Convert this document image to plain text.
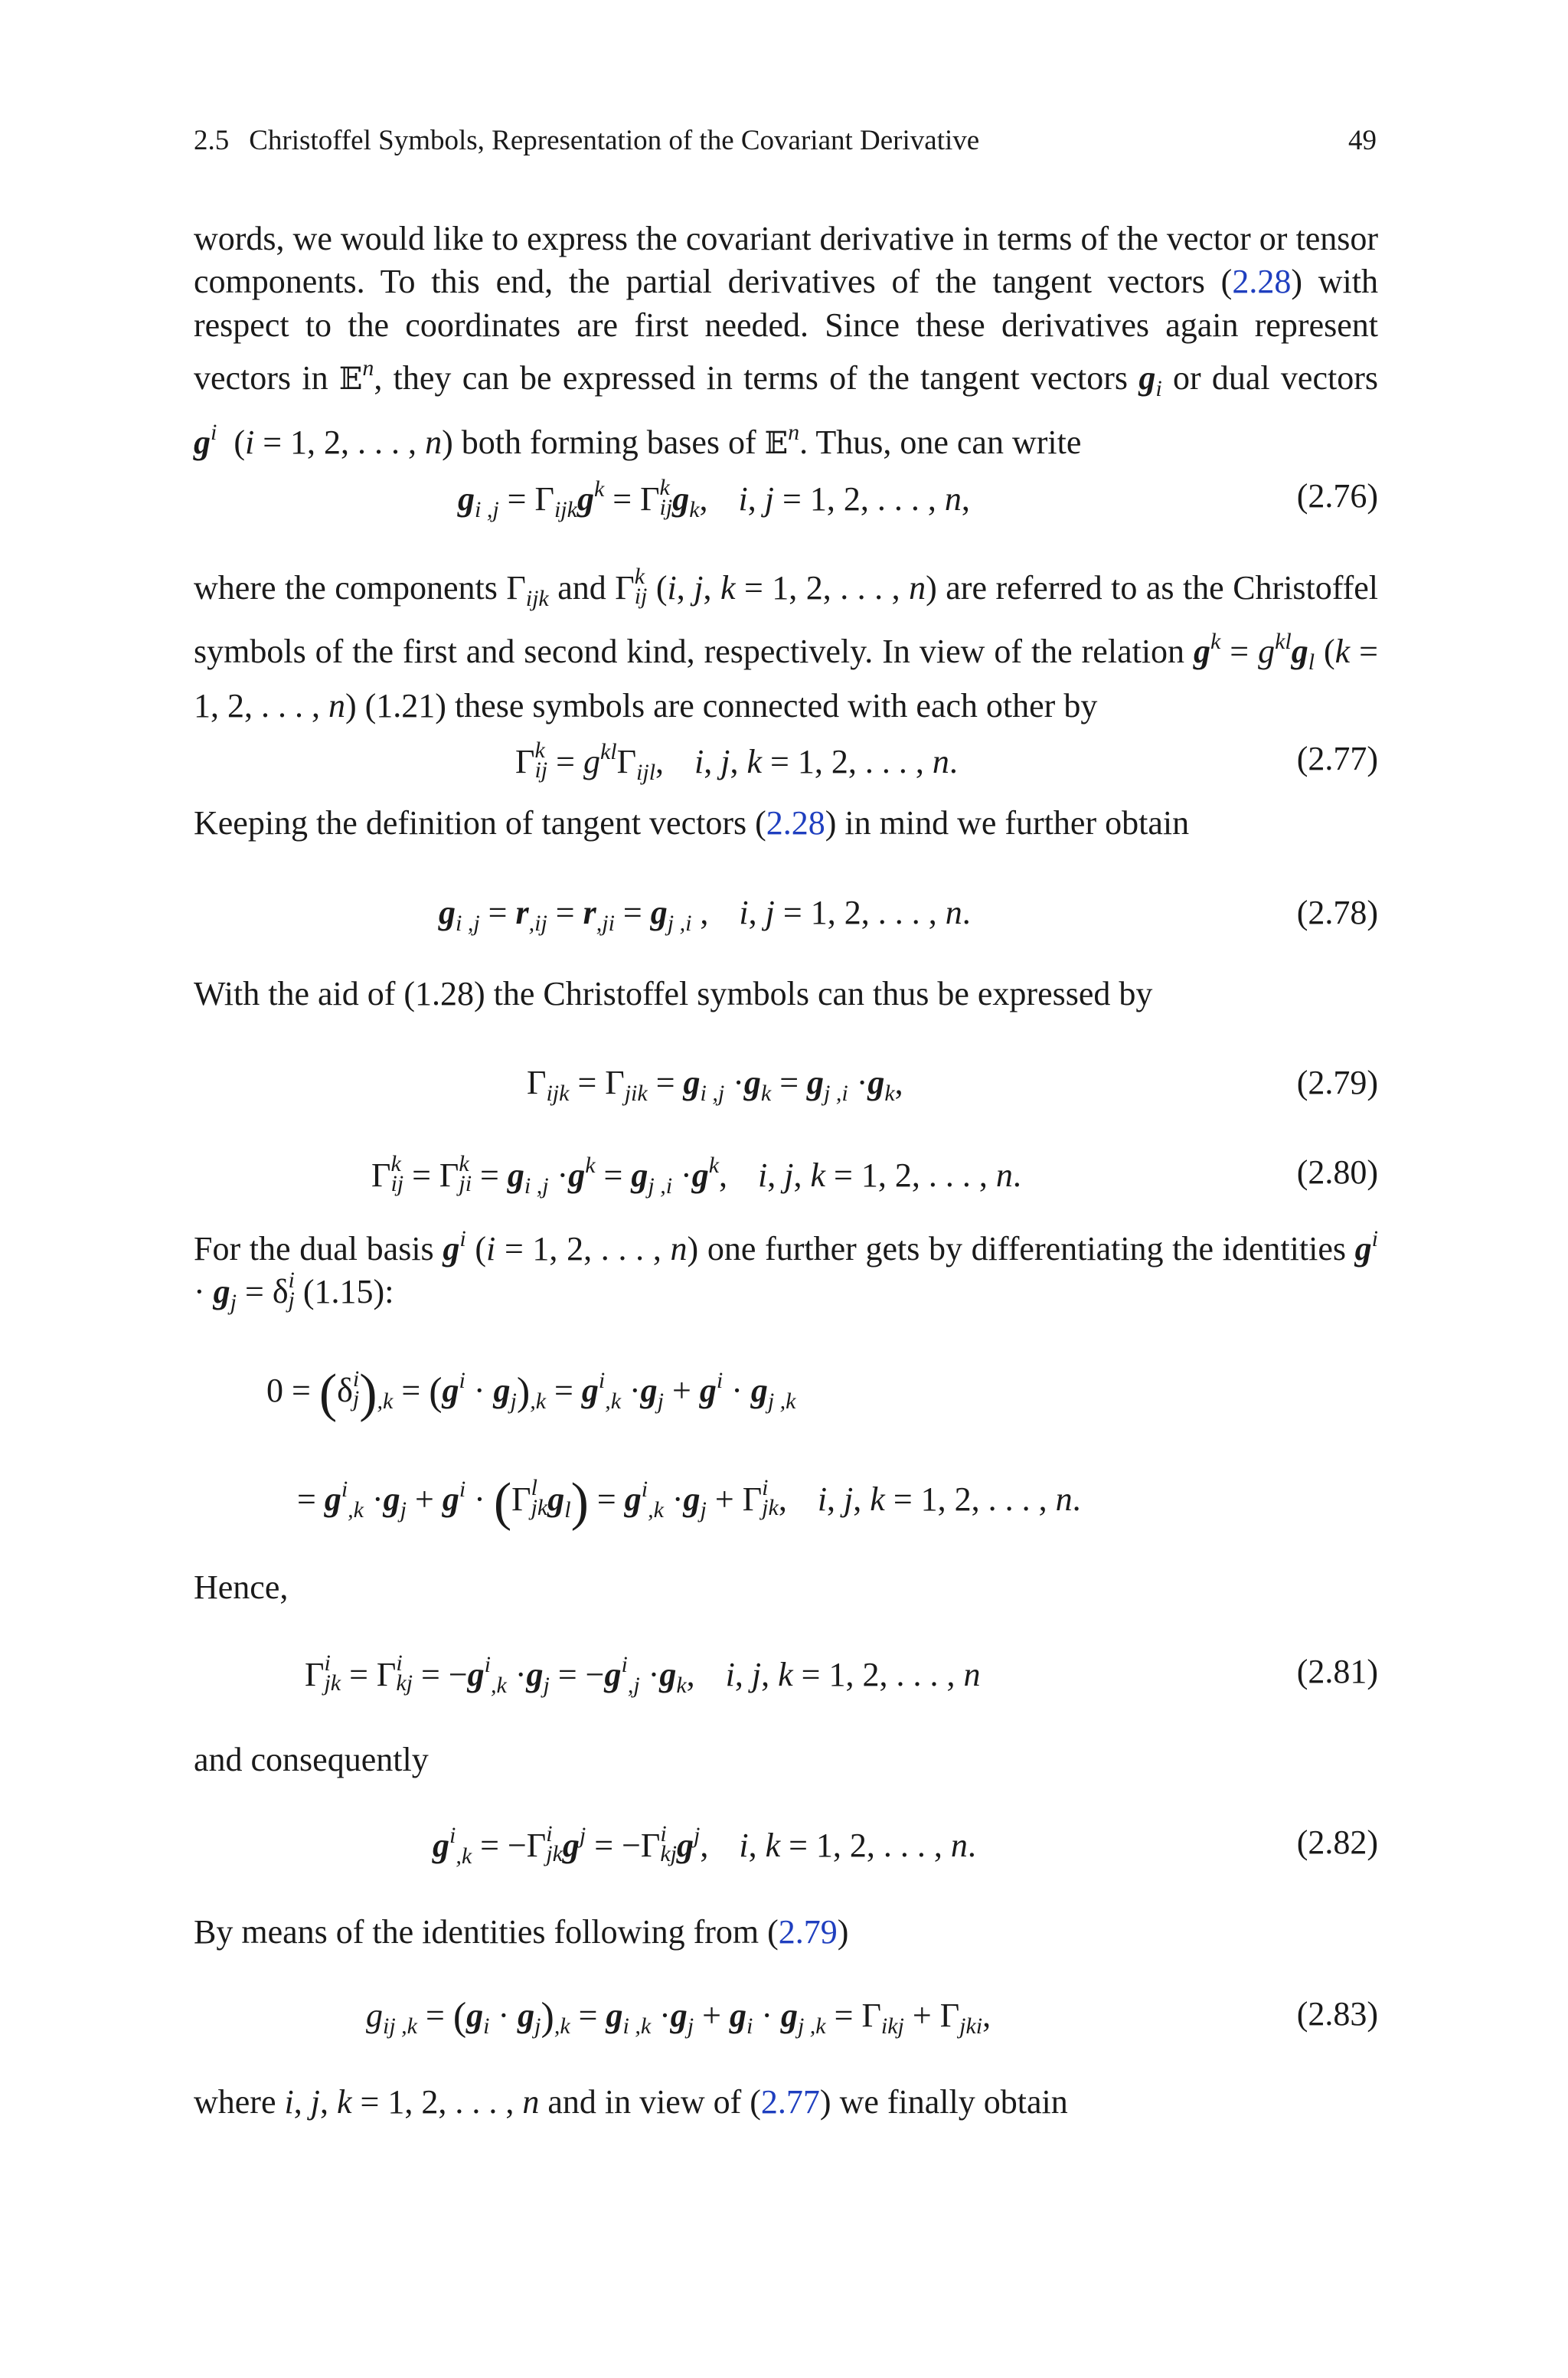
2.5 Christoffel Symbols, Representation of the Covariant Derivative	49

words, we would like to express the covariant derivative in terms of the vector or tensor components. To this end, the partial derivatives of the tangent vectors (2.28) with respect to the coordinates are first needed. Since these derivatives again represent vectors in 𝔼$^n$, they can be expressed in terms of the tangent vectors $g_i$ or dual vectors $g^i$  (i = 1, 2, . . . , n) both forming bases of 𝔼$^n$. Thus, one can write

$g_{i ,j} = \Gamma_{ijk}g^k = \Gamma$ k
ij $g_k$, i, j = 1, 2, . . . , n,	(2.76)

where the components $\Gamma_{ijk}$ and Γ k
ij (i, j, k = 1, 2, . . . , n) are referred to as the Christoffel symbols of the first and second kind, respectively. In view of the relation $g^k = g^{kl}g_l$ (k = 1, 2, . . . , n) (1.21) these symbols are connected with each other by

Γ k
ij = $g^{kl}\Gamma_{ijl}$, i, j, k = 1, 2, . . . , n.	(2.77)

Keeping the definition of tangent vectors (2.28) in mind we further obtain

$g_{i ,j} = r_{,ij} = r_{,ji} = g_{j ,i}$ , i, j = 1, 2, . . . , n.	(2.78)

With the aid of (1.28) the Christoffel symbols can thus be expressed by

$\Gamma_{ijk} = \Gamma_{jik} = g_{i ,j} \cdot g_k = g_{j ,i} \cdot g_k$,	(2.79)
Γ k
ij = Γ k
ji = $g_{i ,j} \cdot g^k = g_{j ,i} \cdot g^k$, i, j, k = 1, 2, . . . , n.	(2.80)

For the dual basis $g^i$ (i = 1, 2, . . . , n) one further gets by differentiating the identities $g^i \cdot g_j = \delta$ i
j (1.15):

0 = (δ i
j )$_{,k} = (g^i \cdot g_j)_{,k} = g^i_{,k} \cdot g_j + g^i \cdot g_{j ,k}$
= $g^i_{,k} \cdot g_j + g^i \cdot (\Gamma$ l
jk $g_l) = g^i_{,k} \cdot g_j + \Gamma$ i
jk , i, j, k = 1, 2, . . . , n.

Hence,

Γ i
jk = Γ i
kj = $-g^i_{,k} \cdot g_j = -g^i_{,j} \cdot g_k$, i, j, k = 1, 2, . . . , n	(2.81)

and consequently

$g^i_{,k} = -\Gamma$ i
jk $g^j = -\Gamma$ i
kj $g^j$, i, k = 1, 2, . . . , n.	(2.82)

By means of the identities following from (2.79)

$g_{ij ,k} = (g_i \cdot g_j)_{,k} = g_{i ,k} \cdot g_j + g_i \cdot g_{j ,k} = \Gamma_{ikj} + \Gamma_{jki}$,	(2.83)

where i, j, k = 1, 2, . . . , n and in view of (2.77) we finally obtain
